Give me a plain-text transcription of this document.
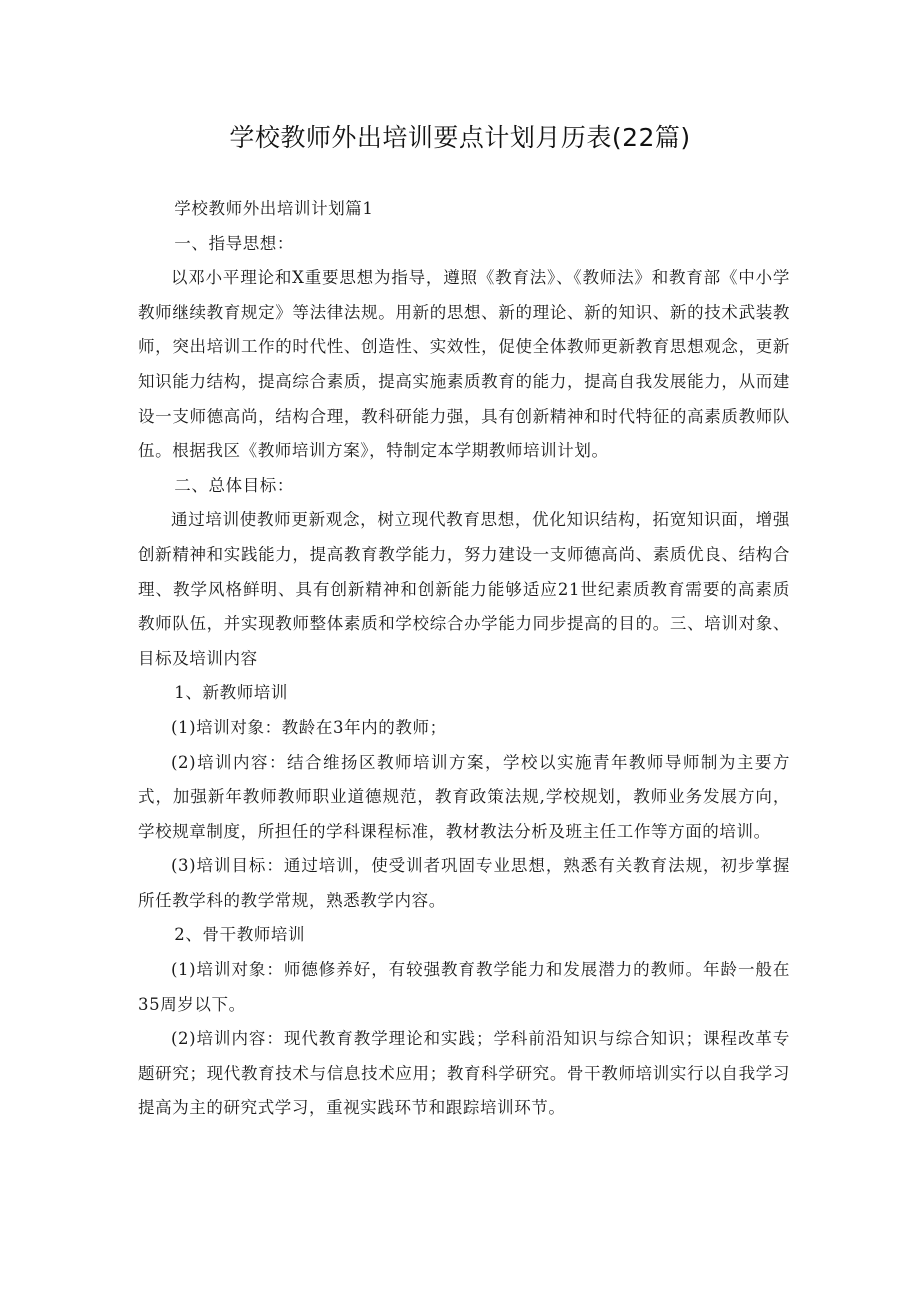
学校教师外出培训要点计划月历表(22篇)

学校教师外出培训计划篇1

一、指导思想：

以邓小平理论和X重要思想为指导，遵照《教育法》、《教师法》和教育部《中小学教师继续教育规定》等法律法规。用新的思想、新的理论、新的知识、新的技术武装教师，突出培训工作的时代性、创造性、实效性，促使全体教师更新教育思想观念，更新知识能力结构，提高综合素质，提高实施素质教育的能力，提高自我发展能力，从而建设一支师德高尚，结构合理，教科研能力强，具有创新精神和时代特征的高素质教师队伍。根据我区《教师培训方案》，特制定本学期教师培训计划。

二、总体目标：

通过培训使教师更新观念，树立现代教育思想，优化知识结构，拓宽知识面，增强创新精神和实践能力，提高教育教学能力，努力建设一支师德高尚、素质优良、结构合理、教学风格鲜明、具有创新精神和创新能力能够适应21世纪素质教育需要的高素质教师队伍，并实现教师整体素质和学校综合办学能力同步提高的目的。三、培训对象、目标及培训内容

1、新教师培训

(1)培训对象：教龄在3年内的教师；

(2)培训内容：结合维扬区教师培训方案，学校以实施青年教师导师制为主要方式，加强新年教师教师职业道德规范，教育政策法规,学校规划，教师业务发展方向，学校规章制度，所担任的学科课程标准，教材教法分析及班主任工作等方面的培训。

(3)培训目标：通过培训，使受训者巩固专业思想，熟悉有关教育法规，初步掌握所任教学科的教学常规，熟悉教学内容。

2、骨干教师培训

(1)培训对象：师德修养好，有较强教育教学能力和发展潜力的教师。年龄一般在35周岁以下。

(2)培训内容：现代教育教学理论和实践；学科前沿知识与综合知识；课程改革专题研究；现代教育技术与信息技术应用；教育科学研究。骨干教师培训实行以自我学习提高为主的研究式学习，重视实践环节和跟踪培训环节。
